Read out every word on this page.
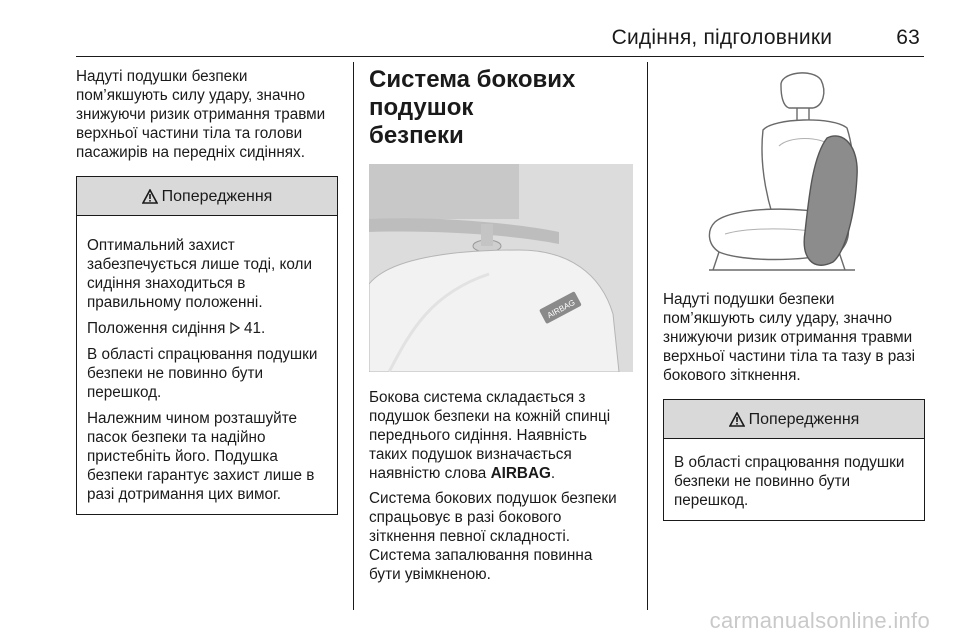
Сидіння, підголовники	63

Надуті подушки безпеки
пом’якшують силу удару, значно
знижуючи ризик отримання травми
верхньої частини тіла та голови
пасажирів на передніх сидіннях.

Попередження

Оптимальний захист
забезпечується лише тоді, коли
сидіння знаходиться в
правильному положенні.

Положення сидіння 41.

В області спрацювання подушки
безпеки не повинно бути
перешкод.

Належним чином розташуйте
пасок безпеки та надійно
пристебніть його. Подушка
безпеки гарантує захист лише в
разі дотримання цих вимог.

Система бокових подушок
безпеки
AIRBAG

Бокова система складається з
подушок безпеки на кожній спинці
переднього сидіння. Наявність
таких подушок визначається
наявністю слова AIRBAG.

Система бокових подушок безпеки
спрацьовує в разі бокового
зіткнення певної складності.
Система запалювання повинна
бути увімкненою.

Надуті подушки безпеки
пом’якшують силу удару, значно
знижуючи ризик отримання травми
верхньої частини тіла та тазу в разі
бокового зіткнення.

Попередження

В області спрацювання подушки
безпеки не повинно бути
перешкод.

carmanualsonline.info
